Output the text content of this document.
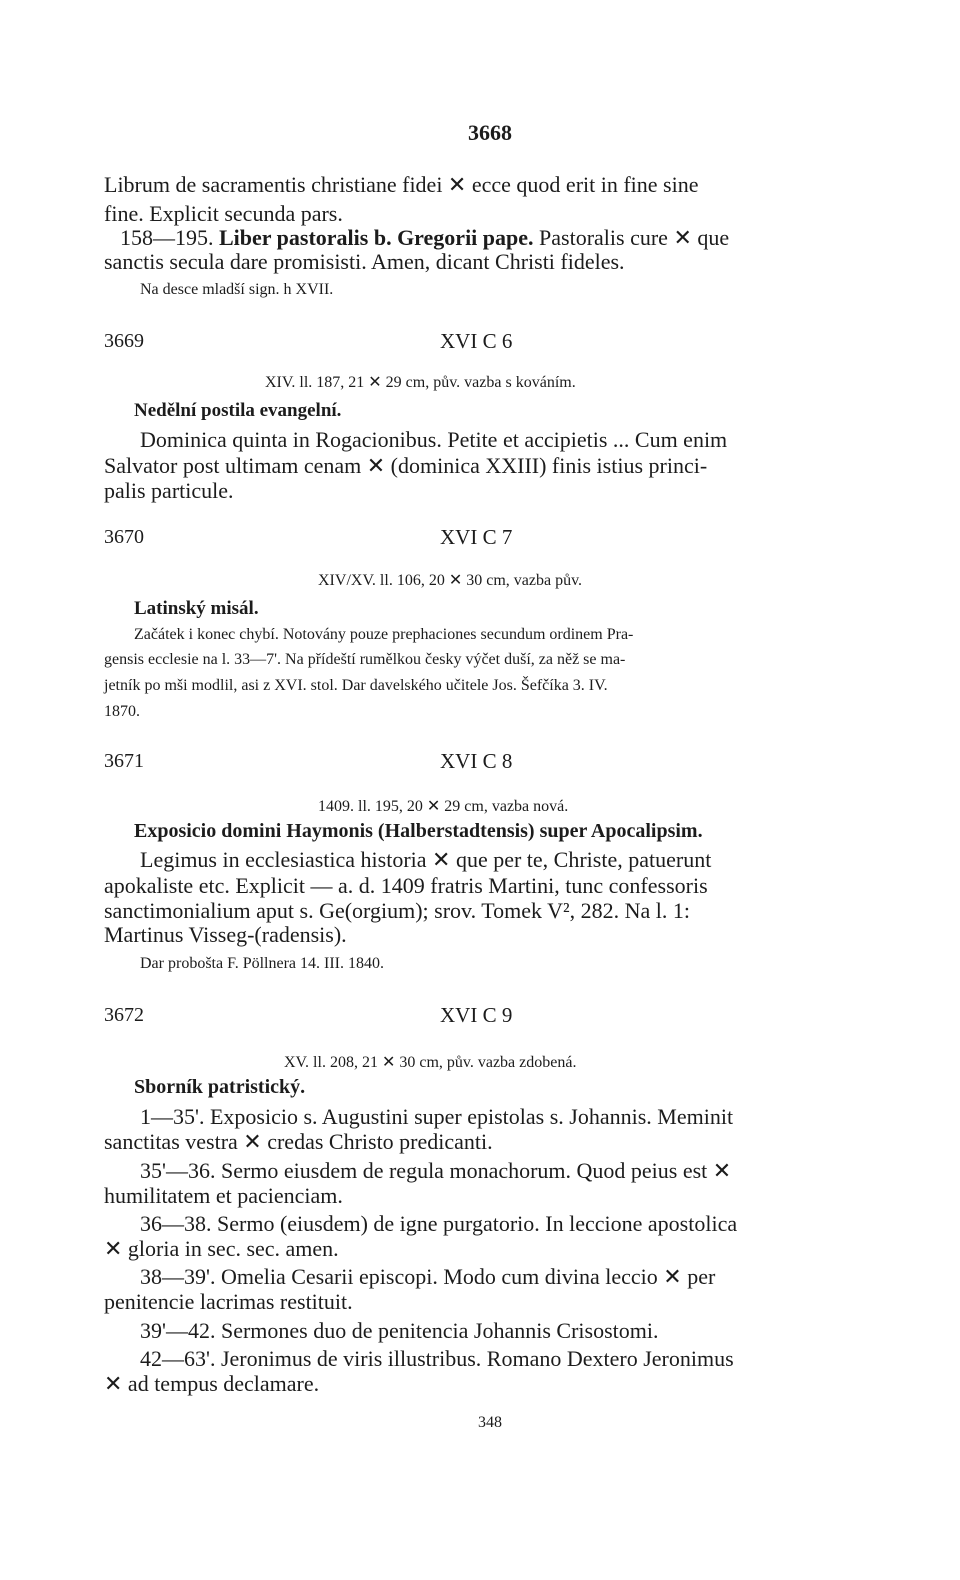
3668
Librum de sacramentis christiane fidei ✕ ecce quod erit in fine sine
fine. Explicit secunda pars.
158—195. Liber pastoralis b. Gregorii pape. Pastoralis cure ✕ que
sanctis secula dare promisisti. Amen, dicant Christi fideles.
Na desce mladší sign. h XVII.
3669	XVI C 6
XIV. ll. 187, 21 ✕ 29 cm, pův. vazba s kováním.
Nedělní postila evangelní.
Dominica quinta in Rogacionibus. Petite et accipietis ... Cum enim
Salvator post ultimam cenam ✕ (dominica XXIII) finis istius princi-
palis particule.
3670	XVI C 7
XIV/XV. ll. 106, 20 ✕ 30 cm, vazba pův.
Latinský misál.
Začátek i konec chybí. Notovány pouze prephaciones secundum ordinem Pra-
gensis ecclesie na l. 33—7'. Na přídeští rumělkou česky výčet duší, za něž se ma-
jetník po mši modlil, asi z XVI. stol. Dar davelského učitele Jos. Šefčíka 3. IV.
1870.
3671	XVI C 8
1409. ll. 195, 20 ✕ 29 cm, vazba nová.
Exposicio domini Haymonis (Halberstadtensis) super Apocalipsim.
Legimus in ecclesiastica historia ✕ que per te, Christe, patuerunt
apokaliste etc. Explicit — a. d. 1409 fratris Martini, tunc confessoris
sanctimonialium aput s. Ge(orgium); srov. Tomek V², 282. Na l. 1:
Martinus Visseg-(radensis).
Dar probošta F. Pöllnera 14. III. 1840.
3672	XVI C 9
XV. ll. 208, 21 ✕ 30 cm, pův. vazba zdobená.
Sborník patristický.
1—35'. Exposicio s. Augustini super epistolas s. Johannis. Meminit
sanctitas vestra ✕ credas Christo predicanti.
35'—36. Sermo eiusdem de regula monachorum. Quod peius est ✕
humilitatem et pacienciam.
36—38. Sermo (eiusdem) de igne purgatorio. In leccione apostolica
✕ gloria in sec. sec. amen.
38—39'. Omelia Cesarii episcopi. Modo cum divina leccio ✕ per
penitencie lacrimas restituit.
39'—42. Sermones duo de penitencia Johannis Crisostomi.
42—63'. Jeronimus de viris illustribus. Romano Dextero Jeronimus
✕ ad tempus declamare.
348
